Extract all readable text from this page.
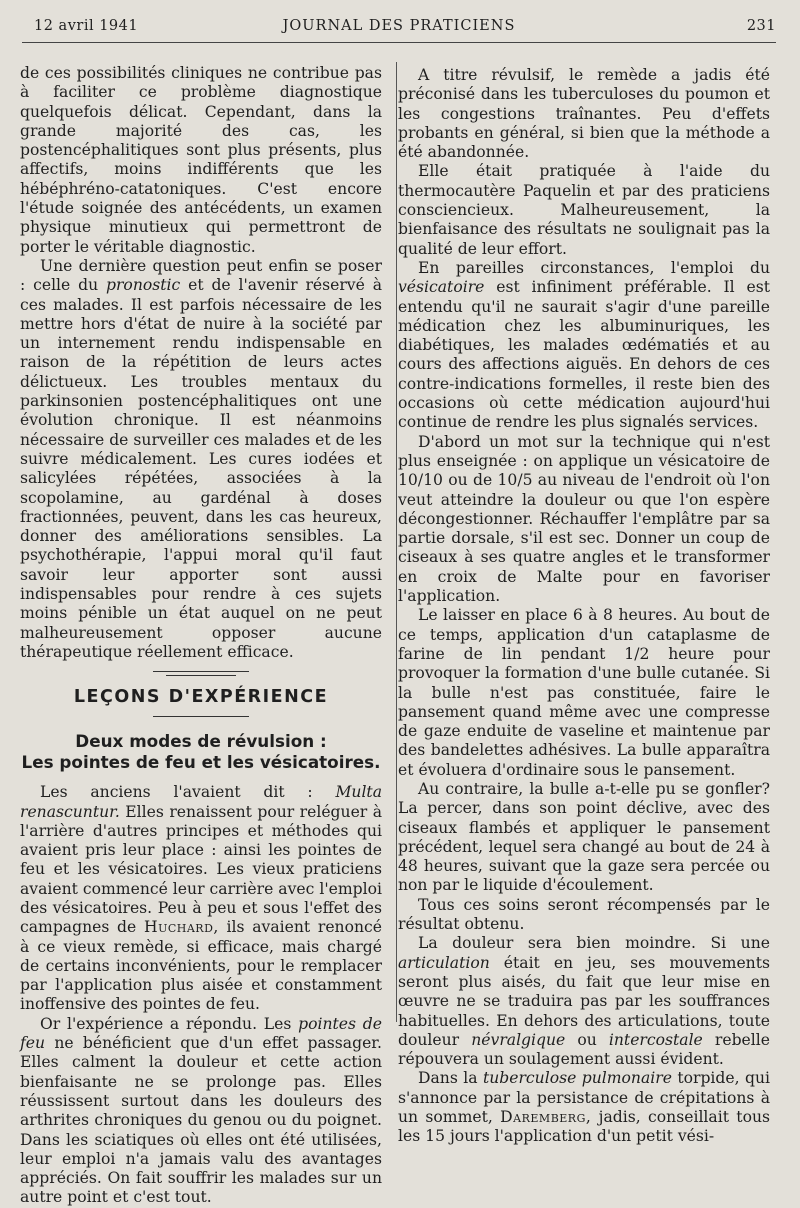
12 avril 1941	JOURNAL DES PRATICIENS	231

de ces possibilités cliniques ne contribue pas à faciliter ce problème diagnostique quelquefois délicat. Cependant, dans la grande majorité des cas, les postencéphalitiques sont plus présents, plus affectifs, moins indifférents que les hébéphréno-catatoniques. C'est encore l'étude soignée des antécédents, un examen physique minutieux qui permettront de porter le véritable diagnostic.

Une dernière question peut enfin se poser : celle du pronostic et de l'avenir réservé à ces malades. Il est parfois nécessaire de les mettre hors d'état de nuire à la société par un internement rendu indispensable en raison de la répétition de leurs actes délictueux. Les troubles mentaux du parkinsonien postencéphalitiques ont une évolution chronique. Il est néanmoins nécessaire de surveiller ces malades et de les suivre médicalement. Les cures iodées et salicylées répétées, associées à la scopolamine, au gardénal à doses fractionnées, peuvent, dans les cas heureux, donner des améliorations sensibles. La psychothérapie, l'appui moral qu'il faut savoir leur apporter sont aussi indispensables pour rendre à ces sujets moins pénible un état auquel on ne peut malheureusement opposer aucune thérapeutique réellement efficace.

LEÇONS D'EXPÉRIENCE
Deux modes de révulsion :
Les pointes de feu et les vésicatoires.

Les anciens l'avaient dit : Multa renascuntur. Elles renaissent pour reléguer à l'arrière d'autres principes et méthodes qui avaient pris leur place : ainsi les pointes de feu et les vésicatoires. Les vieux praticiens avaient commencé leur carrière avec l'emploi des vésicatoires. Peu à peu et sous l'effet des campagnes de Huchard, ils avaient renoncé à ce vieux remède, si efficace, mais chargé de certains inconvénients, pour le remplacer par l'application plus aisée et constamment inoffensive des pointes de feu.

Or l'expérience a répondu. Les pointes de feu ne bénéficient que d'un effet passager. Elles calment la douleur et cette action bienfaisante ne se prolonge pas. Elles réussissent surtout dans les douleurs des arthrites chroniques du genou ou du poignet. Dans les sciatiques où elles ont été utilisées, leur emploi n'a jamais valu des avantages appréciés. On fait souffrir les malades sur un autre point et c'est tout.

A titre révulsif, le remède a jadis été préconisé dans les tuberculoses du poumon et les congestions traînantes. Peu d'effets probants en général, si bien que la méthode a été abandonnée.

Elle était pratiquée à l'aide du thermocautère Paquelin et par des praticiens consciencieux. Malheureusement, la bienfaisance des résultats ne soulignait pas la qualité de leur effort.

En pareilles circonstances, l'emploi du vésicatoire est infiniment préférable. Il est entendu qu'il ne saurait s'agir d'une pareille médication chez les albuminuriques, les diabétiques, les malades œdématiés et au cours des affections aiguës. En dehors de ces contre-indications formelles, il reste bien des occasions où cette médication aujourd'hui continue de rendre les plus signalés services.

D'abord un mot sur la technique qui n'est plus enseignée : on applique un vésicatoire de 10/10 ou de 10/5 au niveau de l'endroit où l'on veut atteindre la douleur ou que l'on espère décongestionner. Réchauffer l'emplâtre par sa partie dorsale, s'il est sec. Donner un coup de ciseaux à ses quatre angles et le transformer en croix de Malte pour en favoriser l'application.

Le laisser en place 6 à 8 heures. Au bout de ce temps, application d'un cataplasme de farine de lin pendant 1/2 heure pour provoquer la formation d'une bulle cutanée. Si la bulle n'est pas constituée, faire le pansement quand même avec une compresse de gaze enduite de vaseline et maintenue par des bandelettes adhésives. La bulle apparaîtra et évoluera d'ordinaire sous le pansement.

Au contraire, la bulle a-t-elle pu se gonfler? La percer, dans son point déclive, avec des ciseaux flambés et appliquer le pansement précédent, lequel sera changé au bout de 24 à 48 heures, suivant que la gaze sera percée ou non par le liquide d'écoulement.

Tous ces soins seront récompensés par le résultat obtenu.

La douleur sera bien moindre. Si une articulation était en jeu, ses mouvements seront plus aisés, du fait que leur mise en œuvre ne se traduira pas par les souffrances habituelles. En dehors des articulations, toute douleur névralgique ou intercostale rebelle répouvera un soulagement aussi évident.

Dans la tuberculose pulmonaire torpide, qui s'annonce par la persistance de crépitations à un sommet, Daremberg, jadis, conseillait tous les 15 jours l'application d'un petit vési-
